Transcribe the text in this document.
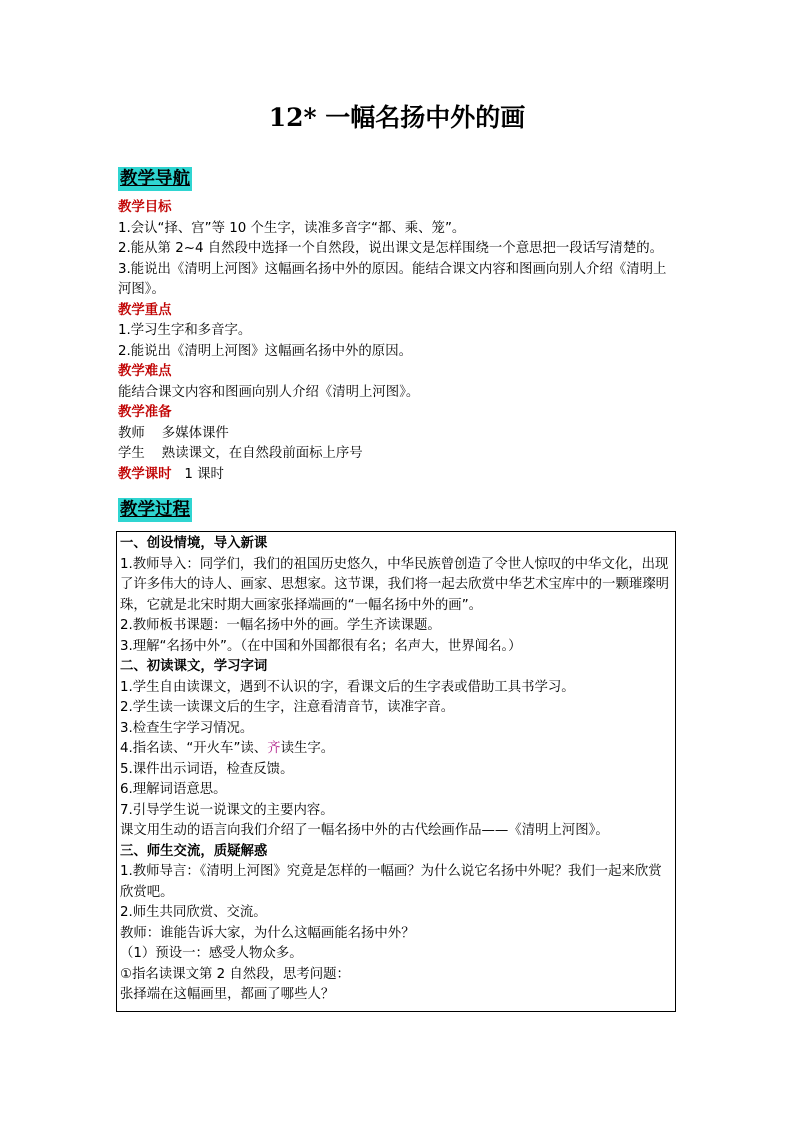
12* 一幅名扬中外的画
教学导航

教学目标

1.会认“择、宫”等 10 个生字，读准多音字“都、乘、笼”。

2.能从第 2~4 自然段中选择一个自然段，说出课文是怎样围绕一个意思把一段话写清楚的。

3.能说出《清明上河图》这幅画名扬中外的原因。能结合课文内容和图画向别人介绍《清明上河图》。

教学重点

1.学习生字和多音字。

2.能说出《清明上河图》这幅画名扬中外的原因。

教学难点

能结合课文内容和图画向别人介绍《清明上河图》。

教学准备

教师    多媒体课件

学生    熟读课文，在自然段前面标上序号

教学课时 1 课时

教学过程

一、创设情境，导入新课

1.教师导入：同学们，我们的祖国历史悠久，中华民族曾创造了令世人惊叹的中华文化，出现了许多伟大的诗人、画家、思想家。这节课，我们将一起去欣赏中华艺术宝库中的一颗璀璨明珠，它就是北宋时期大画家张择端画的“一幅名扬中外的画”。

2.教师板书课题：一幅名扬中外的画。学生齐读课题。

3.理解“名扬中外”。（在中国和外国都很有名；名声大，世界闻名。）

二、初读课文，学习字词

1.学生自由读课文，遇到不认识的字，看课文后的生字表或借助工具书学习。

2.学生读一读课文后的生字，注意看清音节，读准字音。

3.检查生字学习情况。

4.指名读、“开火车”读、齐读生字。

5.课件出示词语，检查反馈。

6.理解词语意思。

7.引导学生说一说课文的主要内容。

课文用生动的语言向我们介绍了一幅名扬中外的古代绘画作品——《清明上河图》。

三、师生交流，质疑解惑

1.教师导言：《清明上河图》究竟是怎样的一幅画？为什么说它名扬中外呢？我们一起来欣赏欣赏吧。

2.师生共同欣赏、交流。

教师：谁能告诉大家，为什么这幅画能名扬中外？

（1）预设一：感受人物众多。

①指名读课文第 2 自然段，思考问题：

张择端在这幅画里，都画了哪些人？
